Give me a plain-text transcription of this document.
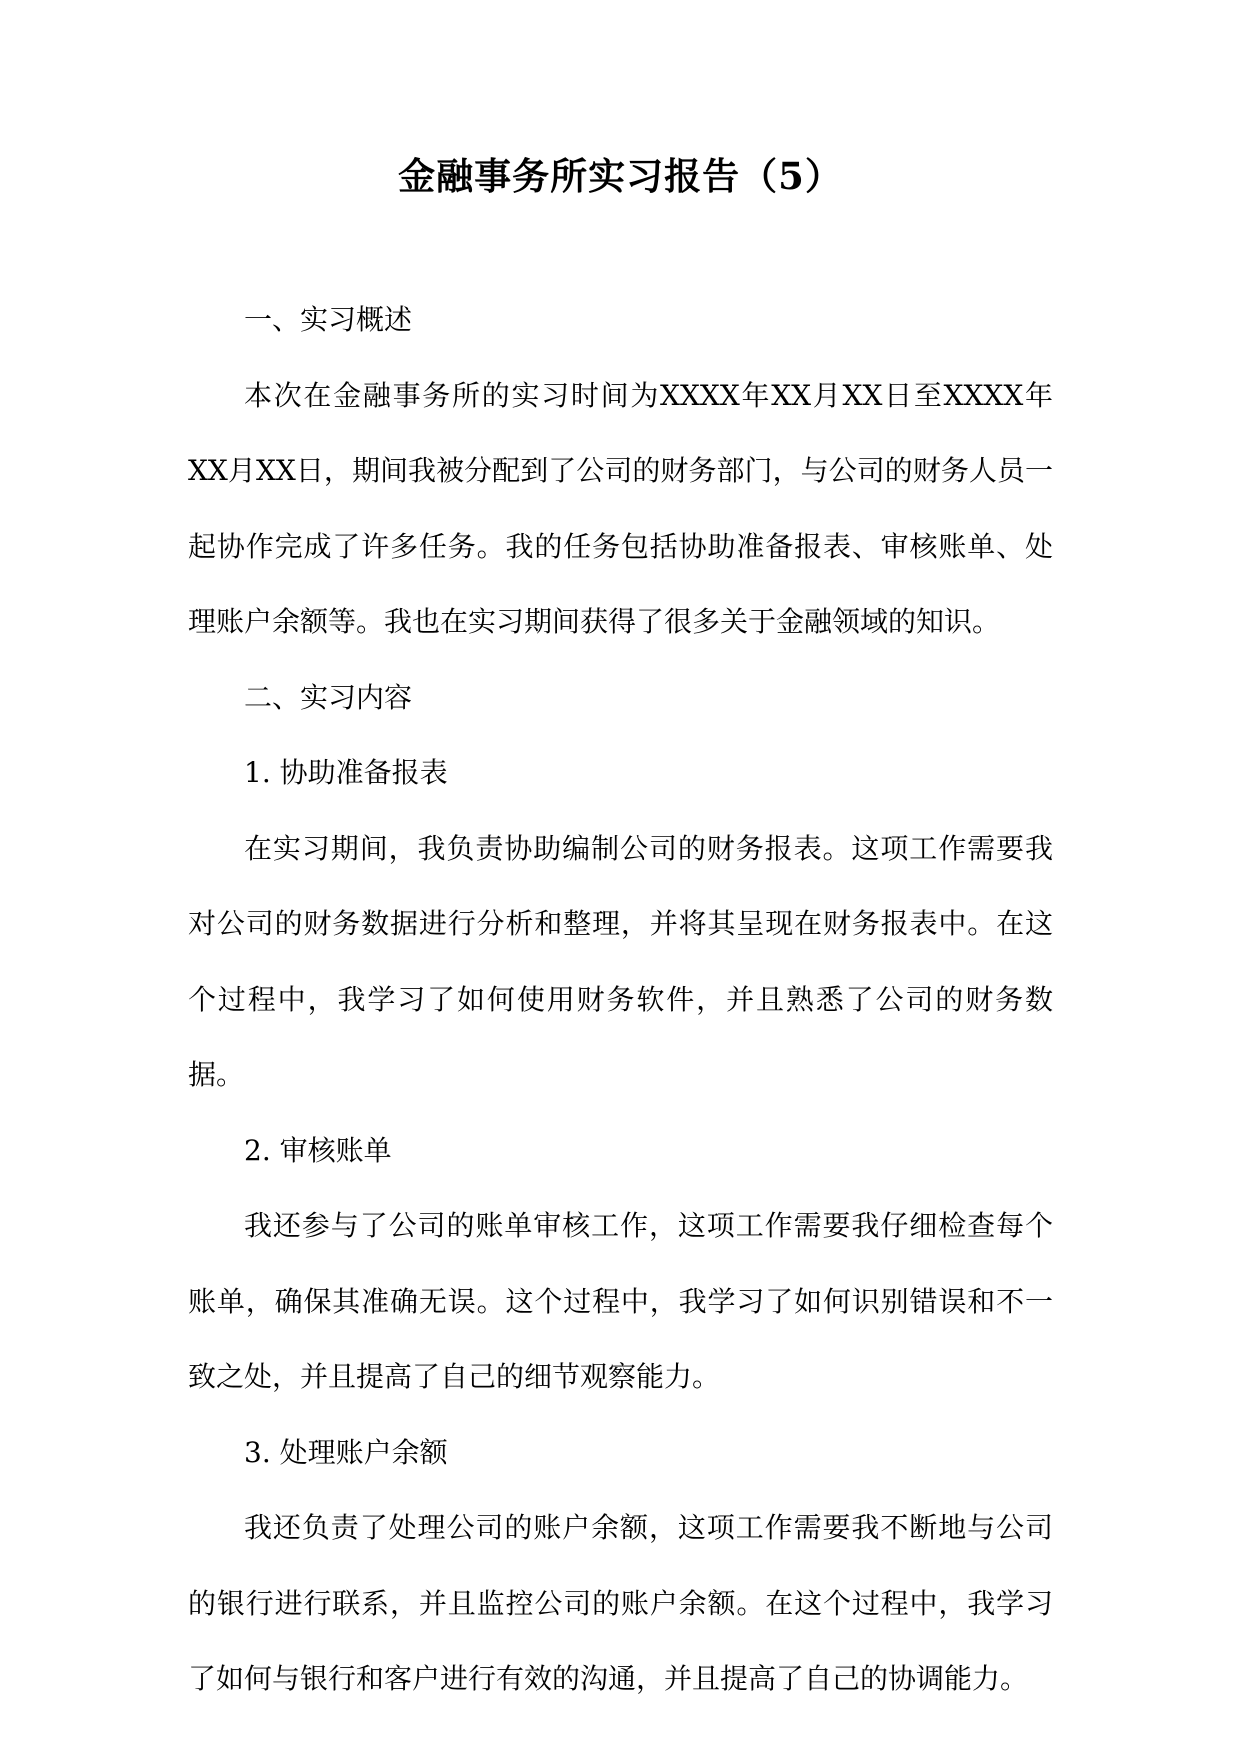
金融事务所实习报告（5）

一、实习概述

本次在金融事务所的实习时间为XXXX年XX月XX日至XXXX年XX月XX日，期间我被分配到了公司的财务部门，与公司的财务人员一起协作完成了许多任务。我的任务包括协助准备报表、审核账单、处理账户余额等。我也在实习期间获得了很多关于金融领域的知识。

二、实习内容

1. 协助准备报表

在实习期间，我负责协助编制公司的财务报表。这项工作需要我对公司的财务数据进行分析和整理，并将其呈现在财务报表中。在这个过程中，我学习了如何使用财务软件，并且熟悉了公司的财务数据。

2. 审核账单

我还参与了公司的账单审核工作，这项工作需要我仔细检查每个账单，确保其准确无误。这个过程中，我学习了如何识别错误和不一致之处，并且提高了自己的细节观察能力。

3. 处理账户余额

我还负责了处理公司的账户余额，这项工作需要我不断地与公司的银行进行联系，并且监控公司的账户余额。在这个过程中，我学习了如何与银行和客户进行有效的沟通，并且提高了自己的协调能力。
